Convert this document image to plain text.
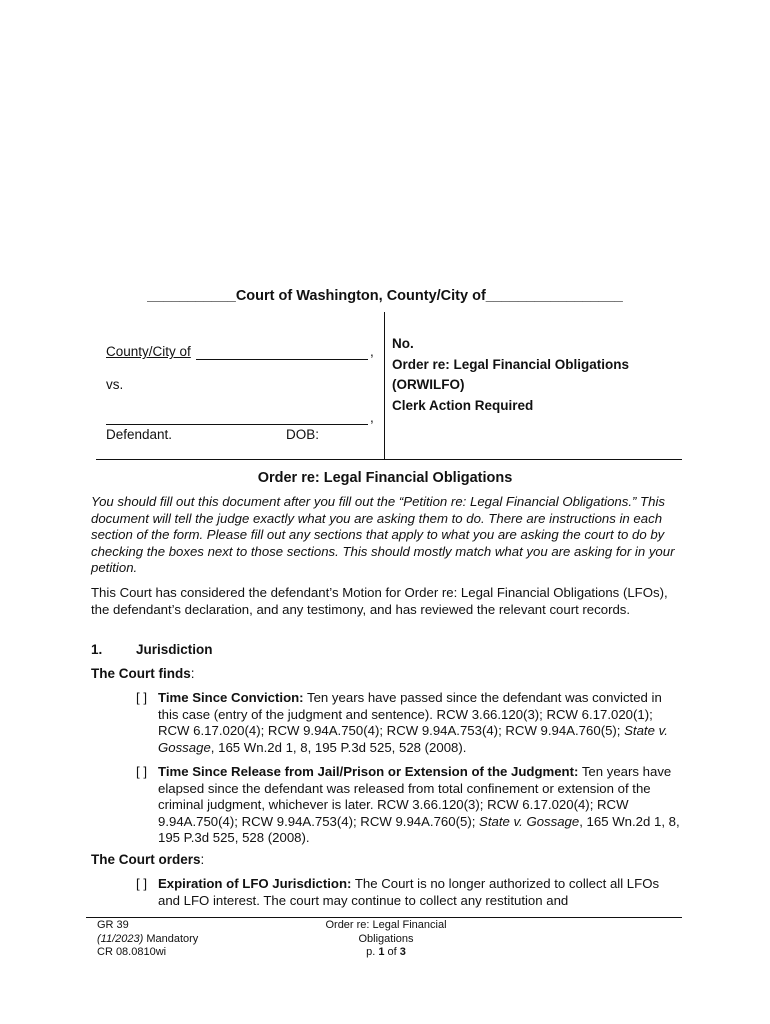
___________Court of Washington, County/City of_________________
County/City of	,
vs.
,
Defendant.	DOB:
No.
Order re: Legal Financial Obligations
(ORWILFO)
Clerk Action Required
Order re: Legal Financial Obligations
You should fill out this document after you fill out the “Petition re: Legal Financial Obligations.” This document will tell the judge exactly what you are asking them to do. There are instructions in each section of the form. Please fill out any sections that apply to what you are asking the court to do by checking the boxes next to those sections. This should mostly match what you are asking for in your petition.
This Court has considered the defendant’s Motion for Order re: Legal Financial Obligations (LFOs), the defendant’s declaration, and any testimony, and has reviewed the relevant court records.
1. Jurisdiction
The Court finds:
[ ] Time Since Conviction: Ten years have passed since the defendant was convicted in this case (entry of the judgment and sentence). RCW 3.66.120(3); RCW 6.17.020(1); RCW 6.17.020(4); RCW 9.94A.750(4); RCW 9.94A.753(4); RCW 9.94A.760(5); State v. Gossage, 165 Wn.2d 1, 8, 195 P.3d 525, 528 (2008).
[ ] Time Since Release from Jail/Prison or Extension of the Judgment: Ten years have elapsed since the defendant was released from total confinement or extension of the criminal judgment, whichever is later. RCW 3.66.120(3); RCW 6.17.020(4); RCW 9.94A.750(4); RCW 9.94A.753(4); RCW 9.94A.760(5); State v. Gossage, 165 Wn.2d 1, 8, 195 P.3d 525, 528 (2008).
The Court orders:
[ ] Expiration of LFO Jurisdiction: The Court is no longer authorized to collect all LFOs and LFO interest. The court may continue to collect any restitution and
GR 39
(11/2023) Mandatory
CR 08.0810wi
Order re: Legal Financial
Obligations
p. 1 of 3
